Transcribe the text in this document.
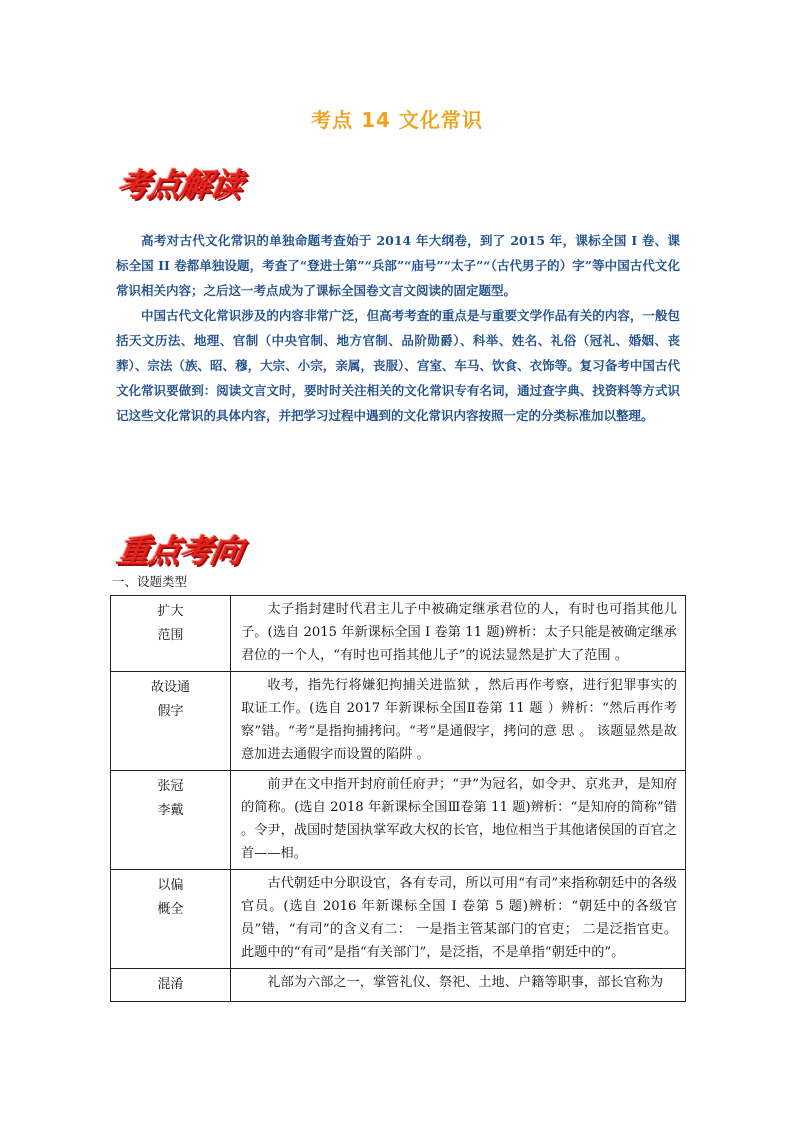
考点 14 文化常识
考点解读

高考对古代文化常识的单独命题考查始于 2014 年大纲卷，到了 2015 年，课标全国 I 卷、课标全国 II 卷都单独设题，考查了“登进士第”“兵部”“庙号”“太子”“（古代男子的）字”等中国古代文化常识相关内容；之后这一考点成为了课标全国卷文言文阅读的固定题型。

中国古代文化常识涉及的内容非常广泛，但高考考查的重点是与重要文学作品有关的内容，一般包括天文历法、地理、官制（中央官制、地方官制、品阶勋爵）、科举、姓名、礼俗（冠礼、婚姻、丧葬）、宗法（族、昭、穆，大宗、小宗，亲属，丧服）、宫室、车马、饮食、衣饰等。复习备考中国古代文化常识要做到：阅读文言文时，要时时关注相关的文化常识专有名词，通过查字典、找资料等方式识记这些文化常识的具体内容，并把学习过程中遇到的文化常识内容按照一定的分类标准加以整理。

重点考向
一、设题类型
扩大
范围	太子指封建时代君主儿子中被确定继承君位的人，有时也可指其他儿子。(选自 2015 年新课标全国 I 卷第 11 题)辨析：太子只能是被确定继承君位的一个人，“有时也可指其他儿子”的说法显然是扩大了范围 。

故设通
假字	收考，指先行将嫌犯拘捕关进监狱 ，然后再作考察，进行犯罪事实的取证工作。(选自 2017 年新课标全国Ⅱ卷第 11 题 ）辨析：“然后再作考察”错。“考”是指拘捕拷问。“考”是通假字，拷问的意 思 。 该题显然是故意加进去通假字而设置的陷阱 。

张冠
李戴	前尹在文中指开封府前任府尹；“尹”为冠名，如令尹、京兆尹，是知府的简称。(选自 2018 年新课标全国Ⅲ卷第 11 题)辨析：“是知府的简称”错 。令尹，战国时楚国执掌军政大权的长官，地位相当于其他诸侯国的百官之首——相。

以偏
概全	古代朝廷中分职设官，各有专司，所以可用“有司”来指称朝廷中的各级官员。(选自 2016 年新课标全国 I 卷第 5 题)辨析：“朝廷中的各级官员”错，“有司”的含义有二： 一是指主管某部门的官吏； 二是泛指官吏。此题中的“有司”是指“有关部门”，是泛指，不是单指“朝廷中的”。

混淆	礼部为六部之一，掌管礼仪、祭祀、土地、户籍等职事，部长官称为
